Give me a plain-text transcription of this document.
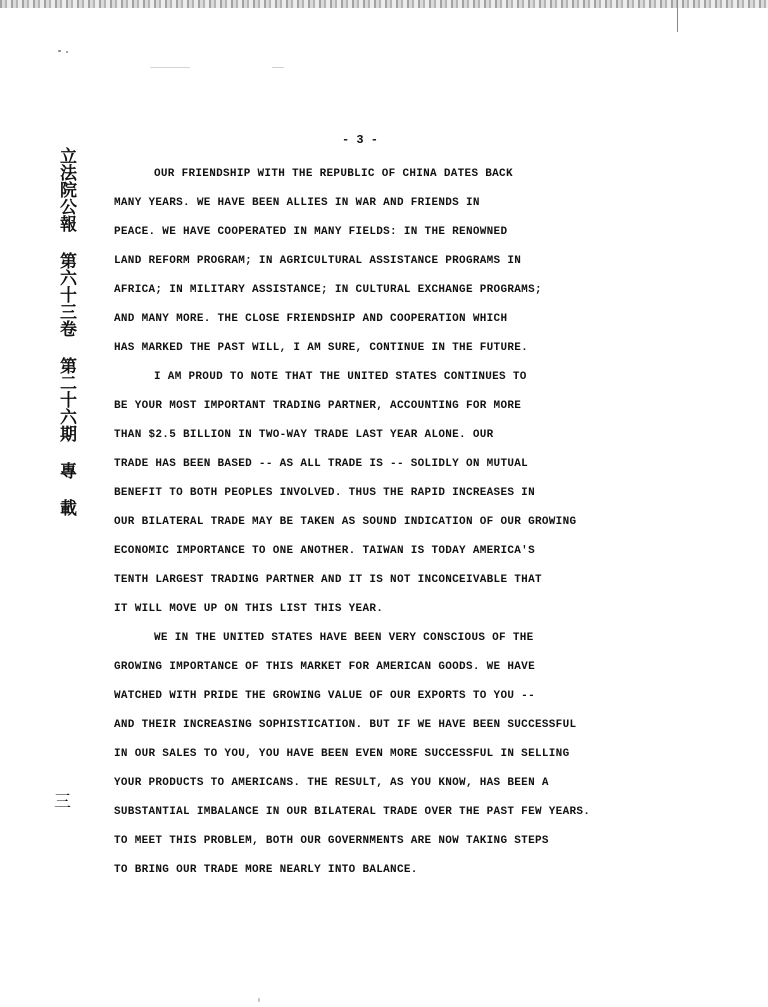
立法院公報 第六十三卷 第二十六期 專 載
三
- 3 -
OUR FRIENDSHIP WITH THE REPUBLIC OF CHINA DATES BACK
MANY YEARS. WE HAVE BEEN ALLIES IN WAR AND FRIENDS IN
PEACE. WE HAVE COOPERATED IN MANY FIELDS: IN THE RENOWNED
LAND REFORM PROGRAM; IN AGRICULTURAL ASSISTANCE PROGRAMS IN
AFRICA; IN MILITARY ASSISTANCE; IN CULTURAL EXCHANGE PROGRAMS;
AND MANY MORE. THE CLOSE FRIENDSHIP AND COOPERATION WHICH
HAS MARKED THE PAST WILL, I AM SURE, CONTINUE IN THE FUTURE.
I AM PROUD TO NOTE THAT THE UNITED STATES CONTINUES TO
BE YOUR MOST IMPORTANT TRADING PARTNER, ACCOUNTING FOR MORE
THAN $2.5 BILLION IN TWO-WAY TRADE LAST YEAR ALONE. OUR
TRADE HAS BEEN BASED -- AS ALL TRADE IS -- SOLIDLY ON MUTUAL
BENEFIT TO BOTH PEOPLES INVOLVED. THUS THE RAPID INCREASES IN
OUR BILATERAL TRADE MAY BE TAKEN AS SOUND INDICATION OF OUR GROWING
ECONOMIC IMPORTANCE TO ONE ANOTHER. TAIWAN IS TODAY AMERICA'S
TENTH LARGEST TRADING PARTNER AND IT IS NOT INCONCEIVABLE THAT
IT WILL MOVE UP ON THIS LIST THIS YEAR.
WE IN THE UNITED STATES HAVE BEEN VERY CONSCIOUS OF THE
GROWING IMPORTANCE OF THIS MARKET FOR AMERICAN GOODS. WE HAVE
WATCHED WITH PRIDE THE GROWING VALUE OF OUR EXPORTS TO YOU --
AND THEIR INCREASING SOPHISTICATION. BUT IF WE HAVE BEEN SUCCESSFUL
IN OUR SALES TO YOU, YOU HAVE BEEN EVEN MORE SUCCESSFUL IN SELLING
YOUR PRODUCTS TO AMERICANS. THE RESULT, AS YOU KNOW, HAS BEEN A
SUBSTANTIAL IMBALANCE IN OUR BILATERAL TRADE OVER THE PAST FEW YEARS.
TO MEET THIS PROBLEM, BOTH OUR GOVERNMENTS ARE NOW TAKING STEPS
TO BRING OUR TRADE MORE NEARLY INTO BALANCE.
